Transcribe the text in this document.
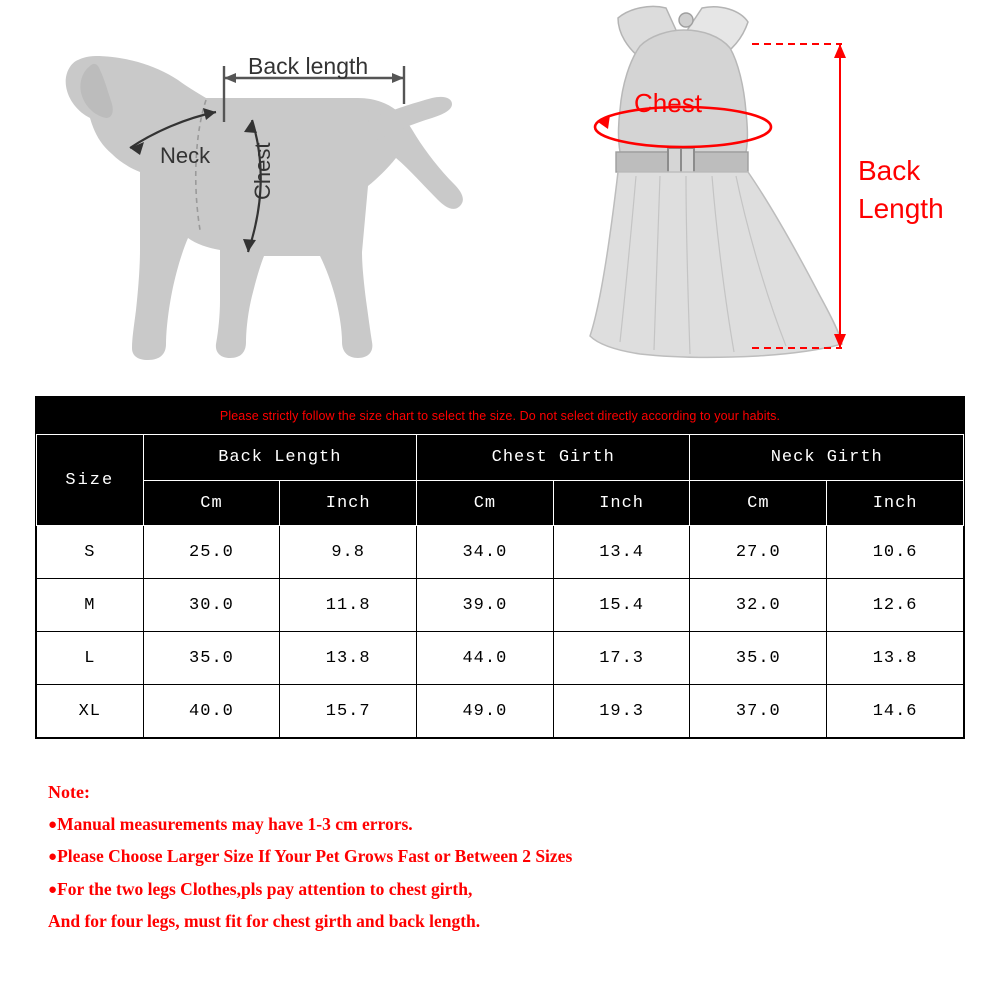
Back length
Neck Chest
Chest
Back
Length
Please strictly follow the size chart to select the size. Do not select directly according to your habits.
Size	Back Length		Chest Girth		Neck Girth	
	Cm	Inch	Cm	Inch	Cm	Inch
S	25.0	9.8	34.0	13.4	27.0	10.6
M	30.0	11.8	39.0	15.4	32.0	12.6
L	35.0	13.8	44.0	17.3	35.0	13.8
XL	40.0	15.7	49.0	19.3	37.0	14.6
Note:
●Manual measurements may have 1-3 cm errors.
●Please Choose Larger Size If Your Pet Grows Fast or Between 2 Sizes
●For the two legs Clothes,pls pay attention to chest girth,
And for four legs, must fit for chest girth and back length.
